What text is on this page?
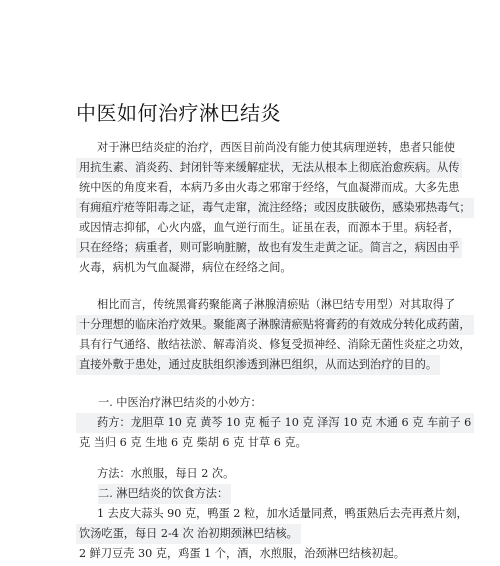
中医如何治疗淋巴结炎
对于淋巴结炎症的治疗，西医目前尚没有能力使其病理逆转，患者只能使
用抗生素、消炎药、封闭针等来缓解症状，无法从根本上彻底治愈疾病。从传
统中医的角度来看，本病乃多由火毒之邪窜于经络，气血凝滞而成。大多先患
有痈疽疔疮等阳毒之证，毒气走窜，流注经络；或因皮肤破伤，感染邪热毒气；
或因情志抑郁，心火内盛，血气逆行而生。证虽在表，而源本于里。病轻者，
只在经络；病重者，则可影响脏腑，故也有发生走黄之证。简言之，病因由乎
火毒，病机为气血凝滞，病位在经络之间。
相比而言，传统黑膏药聚能离子淋腺清瘀贴（淋巴结专用型）对其取得了
十分理想的临床治疗效果。聚能离子淋腺清瘀贴将膏药的有效成分转化成药菌，
具有行气通络、散结祛淤、解毒消炎、修复受损神经、消除无菌性炎症之功效，
直接外敷于患处，通过皮肤组织渗透到淋巴组织，从而达到治疗的目的。
一. 中医治疗淋巴结炎的小妙方：
药方：龙胆草 10 克 黄芩 10 克 栀子 10 克 泽泻 10 克 木通 6 克 车前子 6
克 当归 6 克 生地 6 克 柴胡 6 克 甘草 6 克。
方法：水煎服，每日 2 次。
二. 淋巴结炎的饮食方法：
1 去皮大蒜头 90 克，鸭蛋 2 粒，加水适量同煮，鸭蛋熟后去壳再煮片刻，
饮汤吃蛋，每日 2-4 次 治初期颈淋巴结核。
2 鲜刀豆壳 30 克，鸡蛋 1 个，酒，水煎服，治颈淋巴结核初起。
